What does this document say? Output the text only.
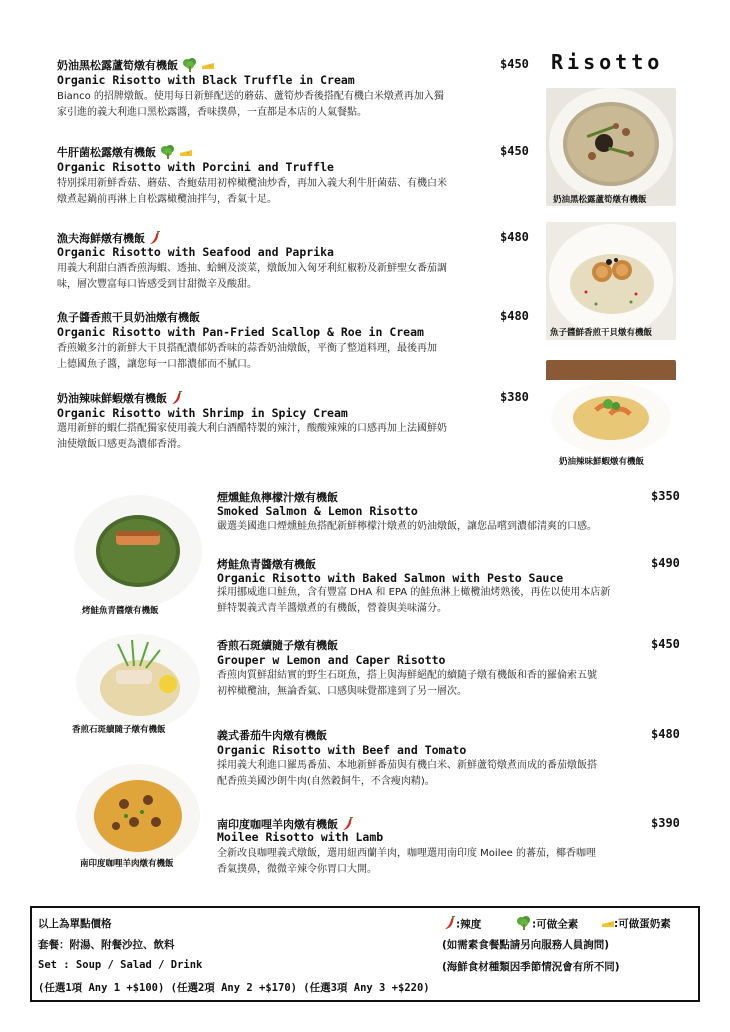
Risotto
奶油黑松露蘆筍燉有機飯	$450
Organic Risotto with Black Truffle in Cream
Bianco 的招牌燉飯。使用每日新鮮配送的蘑菇、蘆筍炒香後搭配有機白米燉煮再加入獨
家引進的義大利進口黑松露醬，香味撲鼻，一直都是本店的人氣餐點。
牛肝菌松露燉有機飯	$450
Organic Risotto with Porcini and Truffle
特別採用新鮮香菇、蘑菇、杏鮑菇用初榨橄欖油炒香，再加入義大利牛肝菌菇、有機白米
燉煮起鍋前再淋上自松露橄欖油拌勻，香氣十足。
漁夫海鮮燉有機飯	$480
Organic Risotto with Seafood and Paprika
用義大利甜白酒香煎海蝦、透抽、蛤蜊及淡菜，燉飯加入匈牙利紅椒粉及新鮮聖女番茄調
味，層次豐富每口皆感受到甘甜微辛及酸甜。
魚子醬香煎干貝奶油燉有機飯	$480
Organic Risotto with Pan-Fried Scallop & Roe in Cream
香煎嫩多汁的新鮮大干貝搭配濃郁奶香味的蒜香奶油燉飯，平衡了整道料理，最後再加
上德國魚子醬，讓您每一口都濃郁而不膩口。
奶油辣味鮮蝦燉有機飯	$380
Organic Risotto with Shrimp in Spicy Cream
選用新鮮的蝦仁搭配獨家使用義大利白酒醋特製的辣汁，酸酸辣辣的口感再加上法國鮮奶
油使燉飯口感更為濃郁香滑。
奶油黑松露蘆筍燉有機飯
魚子醬鮮香煎干貝燉有機飯
奶油辣味鮮蝦燉有機飯
煙燻鮭魚檸檬汁燉有機飯	$350
Smoked Salmon & Lemon Risotto
嚴選美國進口煙燻鮭魚搭配新鮮檸檬汁燉煮的奶油燉飯，讓您品嚐到濃郁清爽的口感。
烤鮭魚青醬燉有機飯	$490
Organic Risotto with Baked Salmon with Pesto Sauce
採用挪威進口鮭魚，含有豐富 DHA 和 EPA 的鮭魚淋上橄欖油烤熟後，再佐以使用本店新
鮮特製義式青羊醬燉煮的有機飯，營養與美味滿分。
香煎石斑續隨子燉有機飯	$450
Grouper w Lemon and Caper Risotto
香煎肉質鮮甜結實的野生石斑魚，搭上與海鮮絕配的續隨子燉有機飯和香的羅倫索五號
初榨橄欖油，無論香氣、口感與味覺都達到了另一層次。
義式番茄牛肉燉有機飯	$480
Organic Risotto with Beef and Tomato
採用義大利進口羅馬番茄、本地新鮮番茄與有機白米、新鮮蘆筍燉煮而成的番茄燉飯搭
配香煎美國沙朗牛肉(自然穀飼牛，不含瘦肉精)。
南印度咖哩羊肉燉有機飯	$390
Moilee Risotto with Lamb
全新改良咖哩義式燉飯，選用紐西蘭羊肉，咖哩選用南印度 Moilee 的蕃茄，椰香咖哩
香氣撲鼻，微微辛辣令你胃口大開。
烤鮭魚青醬燉有機飯
香煎石斑續隨子燉有機飯
南印度咖哩羊肉燉有機飯
以上為單點價格	:辣度	:可做全素	:可做蛋奶素
套餐：附湯、附餐沙拉、飲料	(如需素食餐點請另向服務人員詢問)
Set : Soup / Salad / Drink	(海鮮食材種類因季節情況會有所不同)
(任選1項 Any 1 +$100) (任選2項 Any 2 +$170) (任選3項 Any 3 +$220)
